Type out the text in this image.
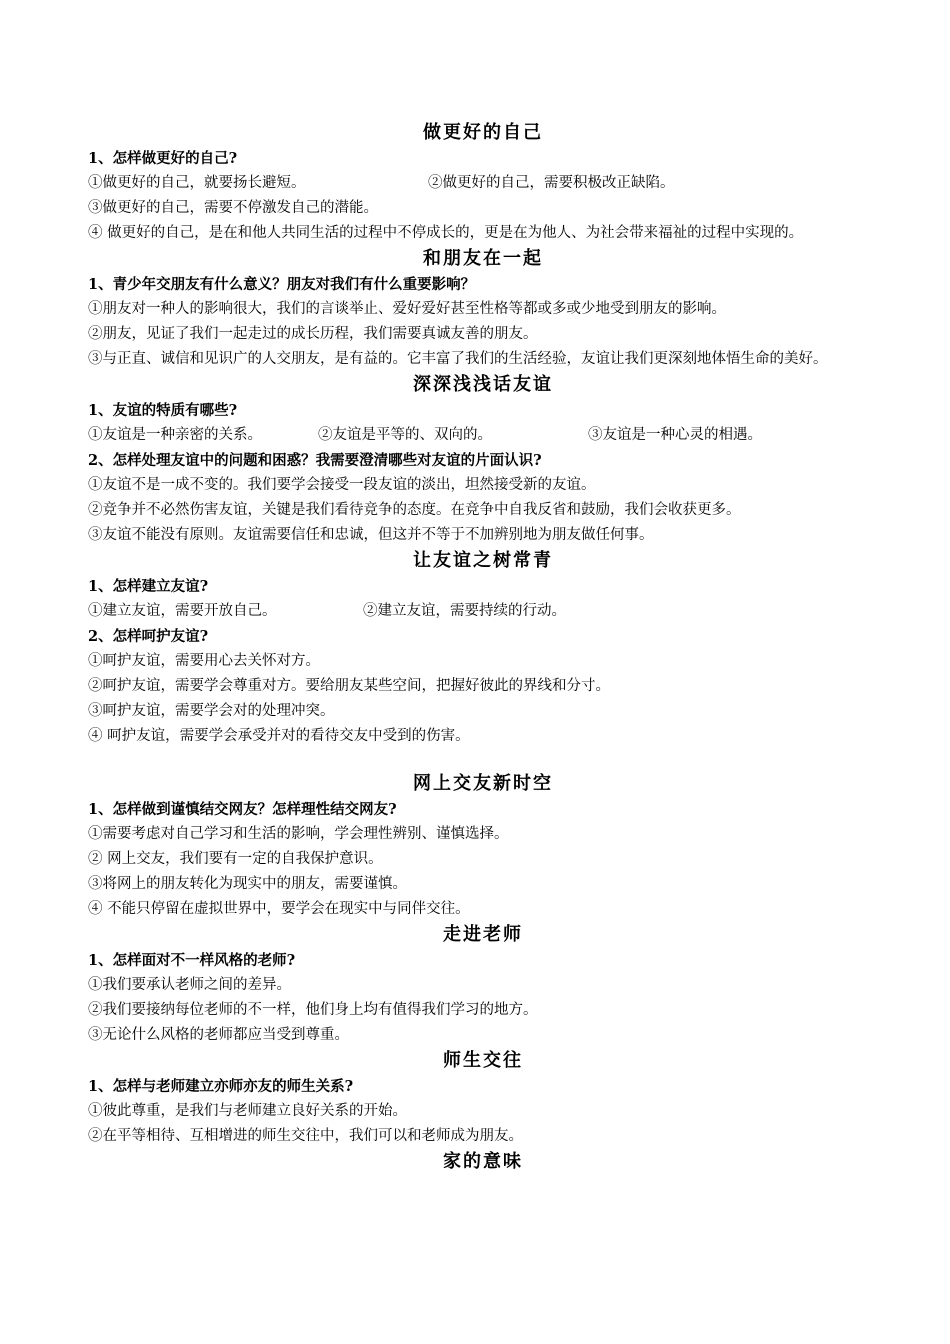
做更好的自己

1、怎样做更好的自己?

①做更好的自己，就要扬长避短。	②做更好的自己，需要积极改正缺陷。

③做更好的自己，需要不停激发自己的潜能。

④ 做更好的自己，是在和他人共同生活的过程中不停成长的，更是在为他人、为社会带来福祉的过程中实现的。

和朋友在一起

1、青少年交朋友有什么意义？朋友对我们有什么重要影响？

①朋友对一种人的影响很大，我们的言谈举止、爱好爱好甚至性格等都或多或少地受到朋友的影响。

②朋友，见证了我们一起走过的成长历程，我们需要真诚友善的朋友。

③与正直、诚信和见识广的人交朋友，是有益的。它丰富了我们的生活经验，友谊让我们更深刻地体悟生命的美好。

深深浅浅话友谊

1、友谊的特质有哪些?

①友谊是一种亲密的关系。	②友谊是平等的、双向的。	③友谊是一种心灵的相遇。

2、怎样处理友谊中的问题和困惑？我需要澄清哪些对友谊的片面认识?

①友谊不是一成不变的。我们要学会接受一段友谊的淡出，坦然接受新的友谊。

②竞争并不必然伤害友谊，关键是我们看待竞争的态度。在竞争中自我反省和鼓励，我们会收获更多。

③友谊不能没有原则。友谊需要信任和忠诚，但这并不等于不加辨别地为朋友做任何事。

让友谊之树常青

1、怎样建立友谊?

①建立友谊，需要开放自己。	②建立友谊，需要持续的行动。

2、怎样呵护友谊?

①呵护友谊，需要用心去关怀对方。

②呵护友谊，需要学会尊重对方。要给朋友某些空间，把握好彼此的界线和分寸。

③呵护友谊，需要学会对的处理冲突。

④ 呵护友谊，需要学会承受并对的看待交友中受到的伤害。

网上交友新时空

1、怎样做到谨慎结交网友？怎样理性结交网友?

①需要考虑对自己学习和生活的影响，学会理性辨别、谨慎选择。

② 网上交友，我们要有一定的自我保护意识。

③将网上的朋友转化为现实中的朋友，需要谨慎。

④ 不能只停留在虚拟世界中，要学会在现实中与同伴交往。

走进老师

1、怎样面对不一样风格的老师?

①我们要承认老师之间的差异。

②我们要接纳每位老师的不一样，他们身上均有值得我们学习的地方。

③无论什么风格的老师都应当受到尊重。

师生交往

1、怎样与老师建立亦师亦友的师生关系?

①彼此尊重，是我们与老师建立良好关系的开始。

②在平等相待、互相增进的师生交往中，我们可以和老师成为朋友。

家的意味
